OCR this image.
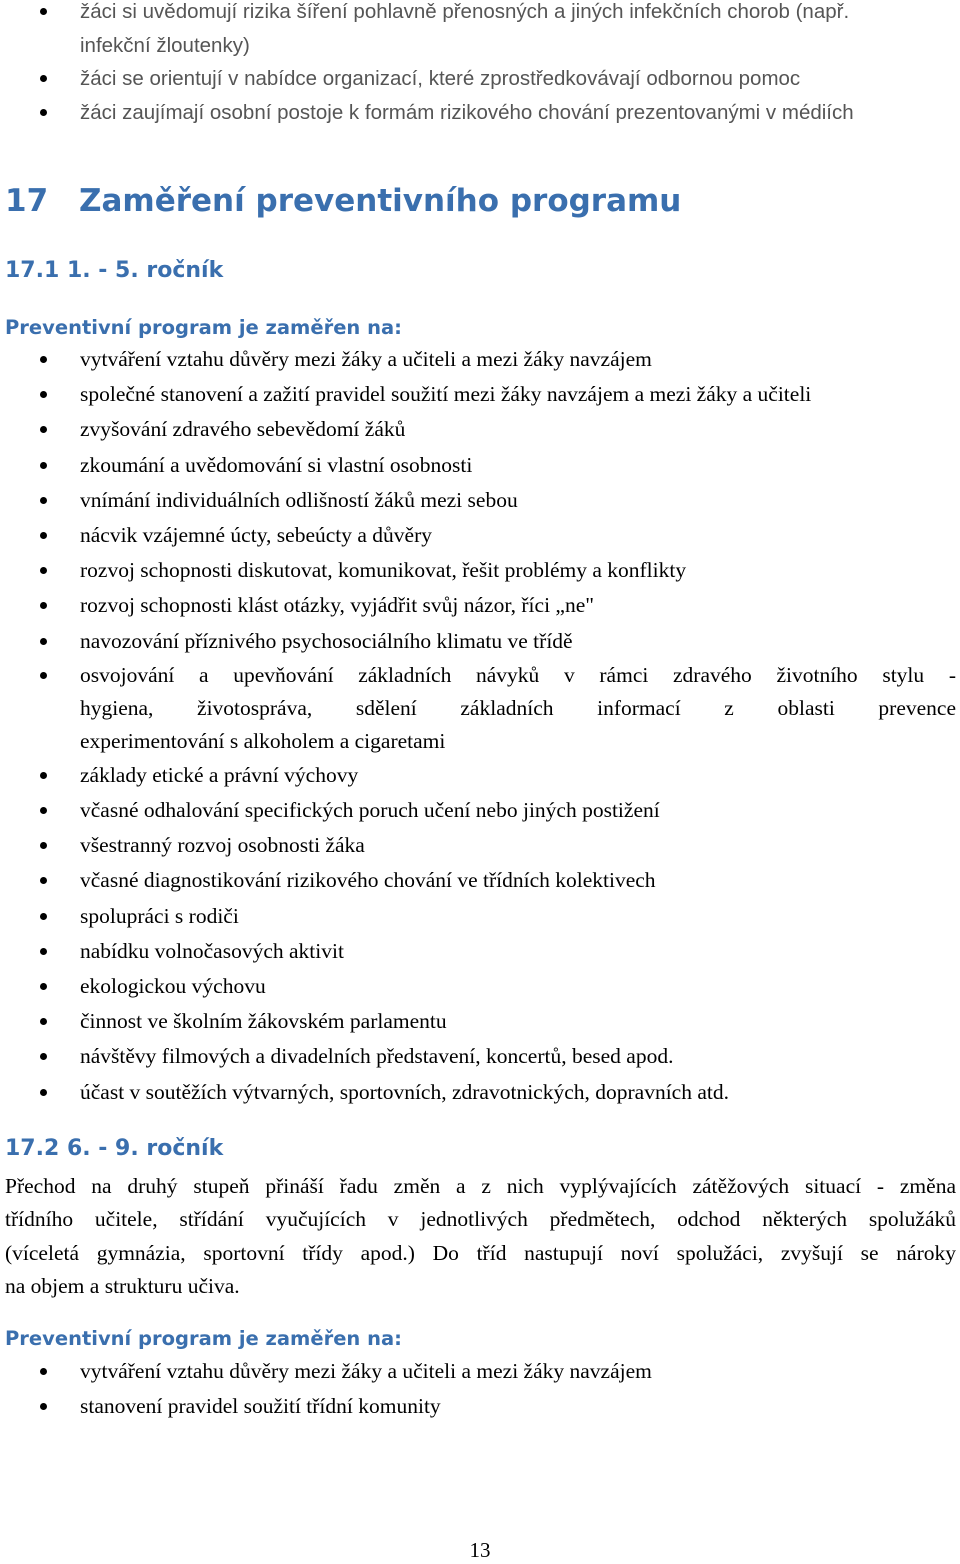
žáci si uvědomují rizika šíření pohlavně přenosných a jiných infekčních chorob (např.
infekční žloutenky)
žáci se orientují v nabídce organizací, které zprostředkovávají odbornou pomoc
žáci zaujímají osobní postoje k formám rizikového chování prezentovanými v médiích
17 Zaměření preventivního programu
17.1 1. - 5. ročník
Preventivní program je zaměřen na:
vytváření vztahu důvěry mezi žáky a učiteli a mezi žáky navzájem
společné stanovení a zažití pravidel soužití mezi žáky navzájem a mezi žáky a učiteli
zvyšování zdravého sebevědomí žáků
zkoumání a uvědomování si vlastní osobnosti
vnímání individuálních odlišností žáků mezi sebou
nácvik vzájemné úcty, sebeúcty a důvěry
rozvoj schopnosti diskutovat, komunikovat, řešit problémy a konflikty
rozvoj schopnosti klást otázky, vyjádřit svůj názor, říci „ne"
navozování příznivého psychosociálního klimatu ve třídě
osvojování a upevňování základních návyků v rámci zdravého životního stylu -
hygiena, životospráva, sdělení základních informací z oblasti prevence
experimentování s alkoholem a cigaretami
základy etické a právní výchovy
včasné odhalování specifických poruch učení nebo jiných postižení
všestranný rozvoj osobnosti žáka
včasné diagnostikování rizikového chování ve třídních kolektivech
spolupráci s rodiči
nabídku volnočasových aktivit
ekologickou výchovu
činnost ve školním žákovském parlamentu
návštěvy filmových a divadelních představení, koncertů, besed apod.
účast v soutěžích výtvarných, sportovních, zdravotnických, dopravních atd.
17.2 6. - 9. ročník

Přechod na druhý stupeň přináší řadu změn a z nich vyplývajících zátěžových situací - změna
třídního učitele, střídání vyučujících v jednotlivých předmětech, odchod některých spolužáků
(víceletá gymnázia, sportovní třídy apod.) Do tříd nastupují noví spolužáci, zvyšují se nároky
na objem a strukturu učiva.

Preventivní program je zaměřen na:
vytváření vztahu důvěry mezi žáky a učiteli a mezi žáky navzájem
stanovení pravidel soužití třídní komunity
13
